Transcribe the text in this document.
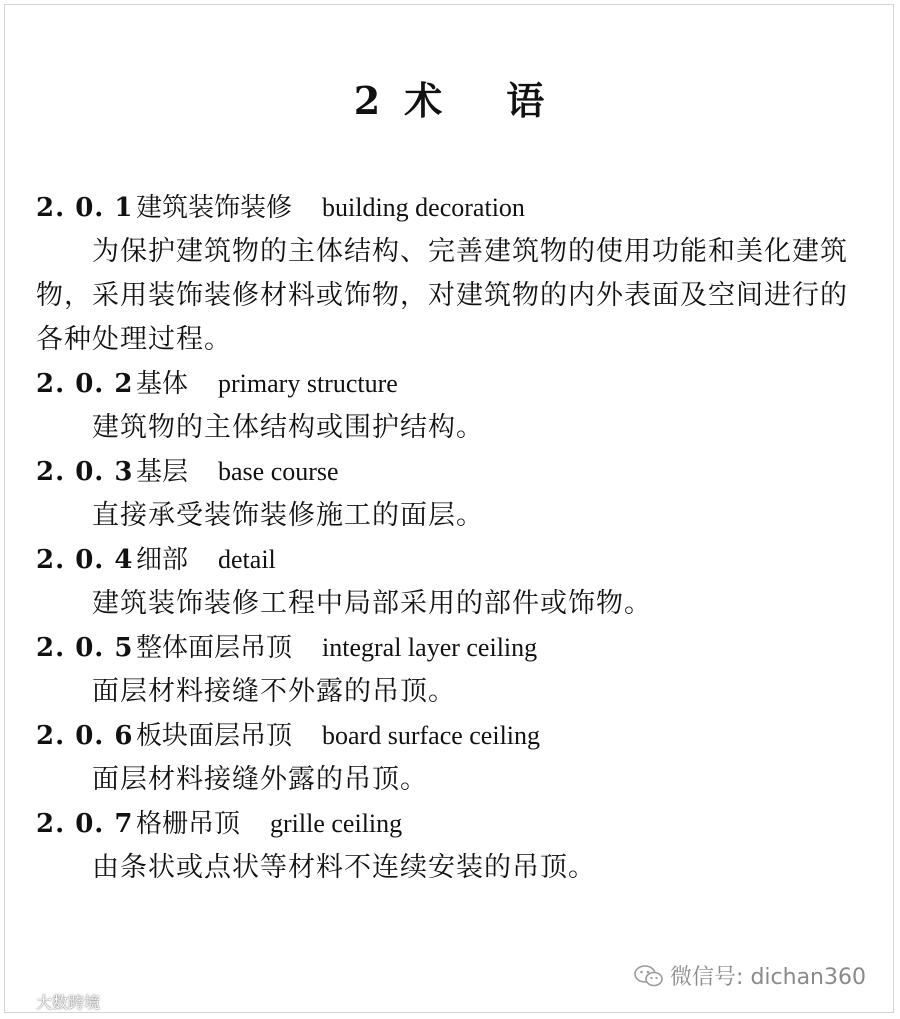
2 术 语
2. 0. 1建筑装饰装修 building decoration

为保护建筑物的主体结构、完善建筑物的使用功能和美化建筑物，采用装饰装修材料或饰物，对建筑物的内外表面及空间进行的各种处理过程。

2. 0. 2基体 primary structure

建筑物的主体结构或围护结构。

2. 0. 3基层 base course

直接承受装饰装修施工的面层。

2. 0. 4细部 detail

建筑装饰装修工程中局部采用的部件或饰物。

2. 0. 5整体面层吊顶 integral layer ceiling

面层材料接缝不外露的吊顶。

2. 0. 6板块面层吊顶 board surface ceiling

面层材料接缝外露的吊顶。

2. 0. 7格栅吊顶 grille ceiling

由条状或点状等材料不连续安装的吊顶。

微信号: dichan360
大数跨境
